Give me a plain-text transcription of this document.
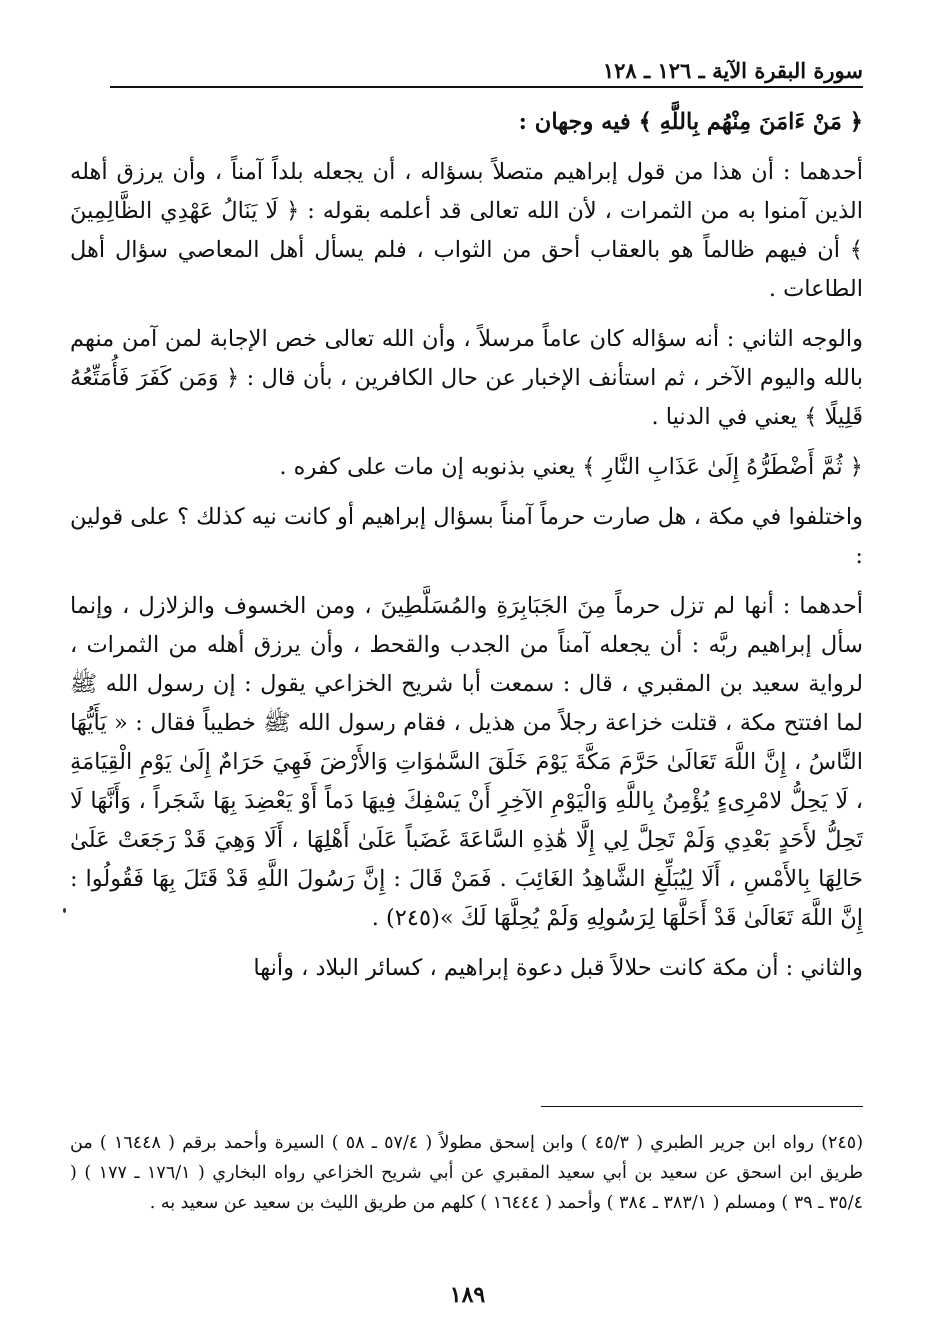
سورة البقرة الآية ـ ١٢٦ ـ ١٢٨

﴿ مَنْ ءَامَنَ مِنْهُم بِاللَّهِ ﴾ فيه وجهان :

أحدهما : أن هذا من قول إبراهيم متصلاً بسؤاله ، أن يجعله بلداً آمناً ، وأن يرزق أهله الذين آمنوا به من الثمرات ، لأن الله تعالى قد أعلمه بقوله : ﴿ لَا يَنَالُ عَهْدِي الظَّالِمِينَ ﴾ أن فيهم ظالماً هو بالعقاب أحق من الثواب ، فلم يسأل أهل المعاصي سؤال أهل الطاعات .

والوجه الثاني : أنه سؤاله كان عاماً مرسلاً ، وأن الله تعالى خص الإجابة لمن آمن منهم بالله واليوم الآخر ، ثم استأنف الإخبار عن حال الكافرين ، بأن قال : ﴿ وَمَن كَفَرَ فَأُمَتِّعُهُ قَلِيلًا ﴾ يعني في الدنيا .

﴿ ثُمَّ أَضْطَرُّهُ إِلَىٰ عَذَابِ النَّارِ ﴾ يعني بذنوبه إن مات على كفره .

واختلفوا في مكة ، هل صارت حرماً آمناً بسؤال إبراهيم أو كانت نيه كذلك ؟ على قولين :

أحدهما : أنها لم تزل حرماً مِنَ الجَبَابِرَةِ والمُسَلَّطِينَ ، ومن الخسوف والزلازل ، وإنما سأل إبراهيم ربَّه : أن يجعله آمناً من الجدب والقحط ، وأن يرزق أهله من الثمرات ، لرواية سعيد بن المقبري ، قال : سمعت أبا شريح الخزاعي يقول : إن رسول الله ﷺ لما افتتح مكة ، قتلت خزاعة رجلاً من هذيل ، فقام رسول الله ﷺ خطيباً فقال : « يَأَيُّهَا النَّاسُ ، إِنَّ اللَّهَ تَعَالَىٰ حَرَّمَ مَكَّةَ يَوْمَ خَلَقَ السَّمٰوَاتِ وَالأَرْضَ فَهِيَ حَرَامٌ إِلَىٰ يَوْمِ الْقِيَامَةِ ، لَا يَحِلُّ لامْرِىءٍ يُؤْمِنُ بِاللَّهِ وَالْيَوْمِ الآخِرِ أَنْ يَسْفِكَ فِيهَا دَماً أَوْ يَعْضِدَ بِهَا شَجَراً ، وَأَنَّهَا لَا تَحِلُّ لأَحَدٍ بَعْدِي وَلَمْ تَحِلَّ لِي إِلَّا هَٰذِهِ السَّاعَةَ غَضَباً عَلَىٰ أَهْلِهَا ، أَلَا وَهِيَ قَدْ رَجَعَتْ عَلَىٰ حَالِهَا بِالأَمْسِ ، أَلَا لِيُبَلِّغِ الشَّاهِدُ الغَائِبَ . فَمَنْ قَالَ : إِنَّ رَسُولَ اللَّهِ قَدْ قَتَلَ بِهَا فَقُولُوا : إِنَّ اللَّهَ تَعَالَىٰ قَدْ أَحَلَّهَا لِرَسُولِهِ وَلَمْ يُحِلَّهَا لَكَ »(٢٤٥) .

والثاني : أن مكة كانت حلالاً قبل دعوة إبراهيم ، كسائر البلاد ، وأنها

(٢٤٥) رواه ابن جرير الطبري ( ٤٥/٣ ) وابن إسحق مطولاً ( ٥٧/٤ ـ ٥٨ ) السيرة وأحمد برقم ( ١٦٤٤٨ ) من طريق ابن اسحق عن سعيد بن أبي سعيد المقبري عن أبي شريح الخزاعي رواه البخاري ( ١٧٦/١ ـ ١٧٧ ) ( ٣٥/٤ ـ ٣٩ ) ومسلم ( ٣٨٣/١ ـ ٣٨٤ ) وأحمد ( ١٦٤٤٤ ) كلهم من طريق الليث بن سعيد عن سعيد به .
١٨٩
